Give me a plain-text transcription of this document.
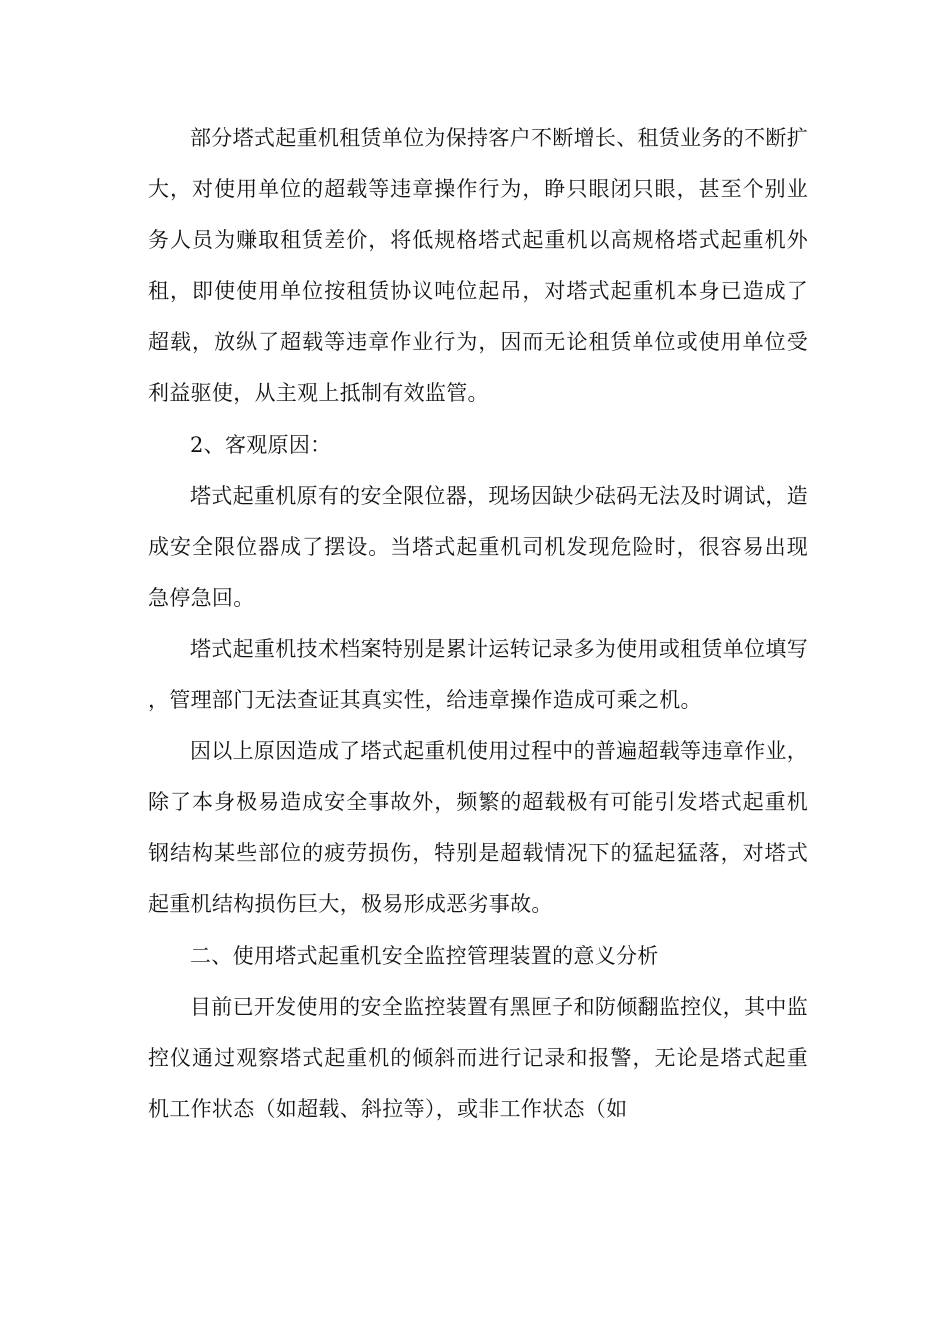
部分塔式起重机租赁单位为保持客户不断增长、租赁业务的不断扩大，对使用单位的超载等违章操作行为，睁只眼闭只眼，甚至个别业务人员为赚取租赁差价，将低规格塔式起重机以高规格塔式起重机外租，即使使用单位按租赁协议吨位起吊，对塔式起重机本身已造成了超载，放纵了超载等违章作业行为，因而无论租赁单位或使用单位受利益驱使，从主观上抵制有效监管。

2、客观原因：

塔式起重机原有的安全限位器，现场因缺少砝码无法及时调试，造成安全限位器成了摆设。当塔式起重机司机发现危险时，很容易出现急停急回。

塔式起重机技术档案特别是累计运转记录多为使用或租赁单位填写，管理部门无法查证其真实性，给违章操作造成可乘之机。

因以上原因造成了塔式起重机使用过程中的普遍超载等违章作业，除了本身极易造成安全事故外，频繁的超载极有可能引发塔式起重机钢结构某些部位的疲劳损伤，特别是超载情况下的猛起猛落，对塔式起重机结构损伤巨大，极易形成恶劣事故。

二、使用塔式起重机安全监控管理装置的意义分析

目前已开发使用的安全监控装置有黑匣子和防倾翻监控仪，其中监控仪通过观察塔式起重机的倾斜而进行记录和报警，无论是塔式起重机工作状态（如超载、斜拉等），或非工作状态（如
